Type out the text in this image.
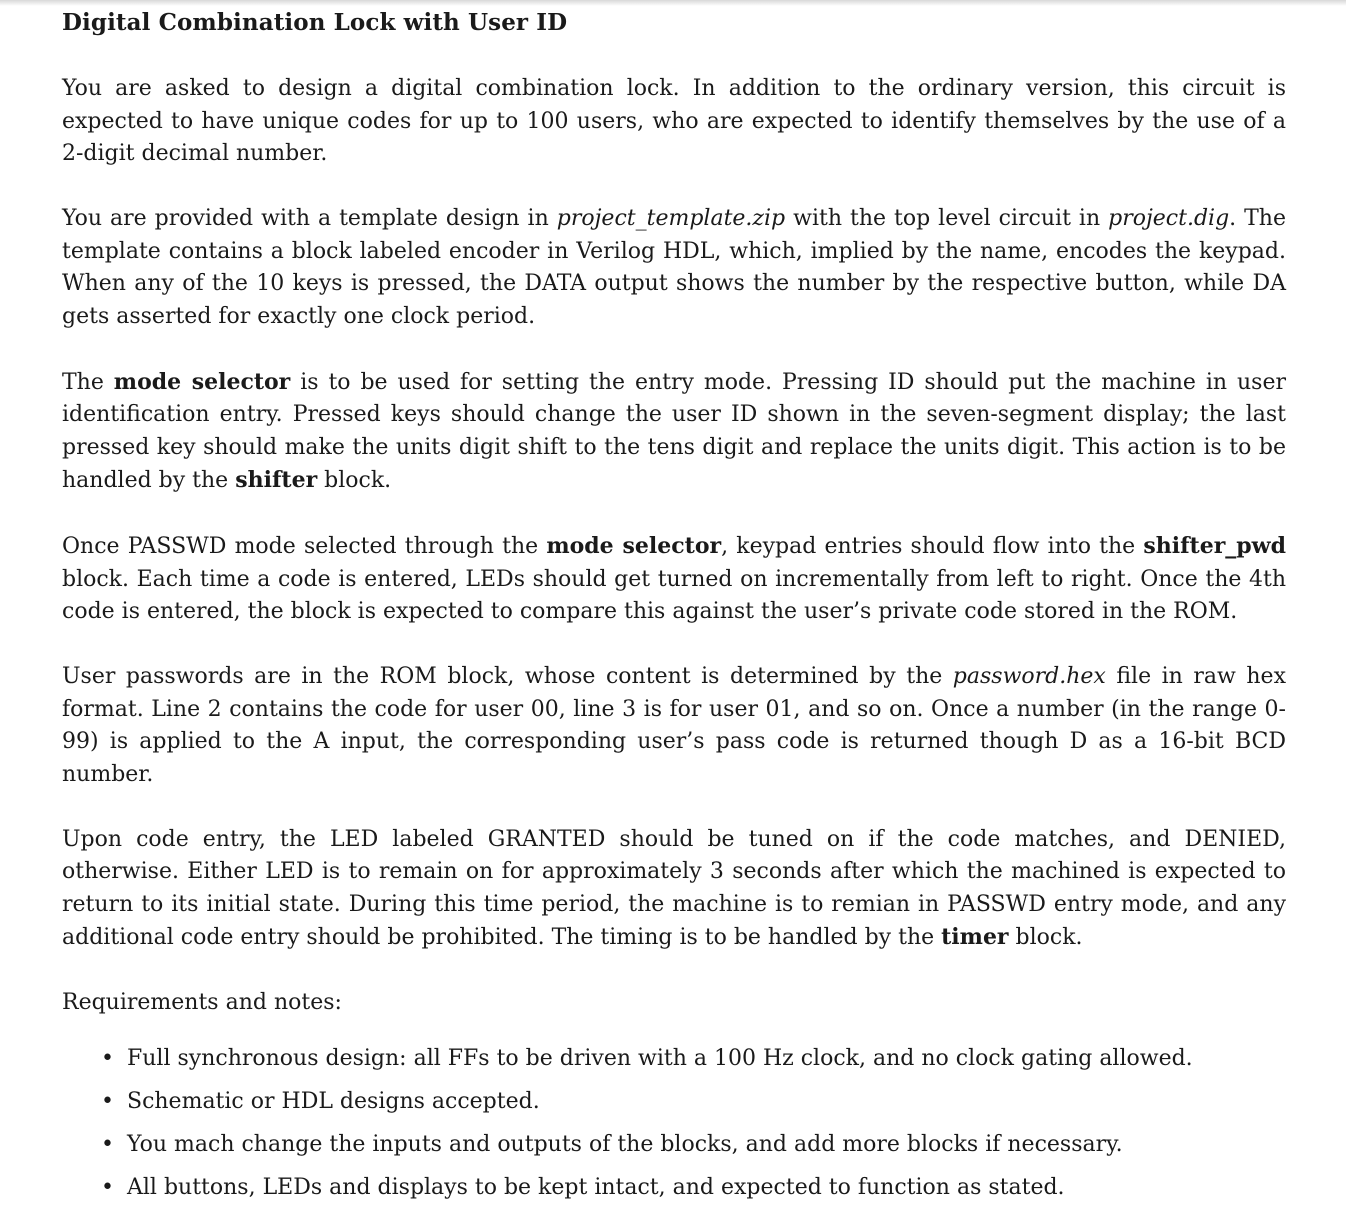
Digital Combination Lock with User ID

You are asked to design a digital combination lock. In addition to the ordinary version, this circuit is expected to have unique codes for up to 100 users, who are expected to identify themselves by the use of a 2-digit decimal number.

You are provided with a template design in project_template.zip with the top level circuit in project.dig. The template contains a block labeled encoder in Verilog HDL, which, implied by the name, encodes the keypad. When any of the 10 keys is pressed, the DATA output shows the number by the respective button, while DA gets asserted for exactly one clock period.

The mode selector is to be used for setting the entry mode. Pressing ID should put the machine in user identification entry. Pressed keys should change the user ID shown in the seven-segment display; the last pressed key should make the units digit shift to the tens digit and replace the units digit. This action is to be handled by the shifter block.

Once PASSWD mode selected through the mode selector, keypad entries should flow into the shifter_pwd block. Each time a code is entered, LEDs should get turned on incrementally from left to right. Once the 4th code is entered, the block is expected to compare this against the user’s private code stored in the ROM.

User passwords are in the ROM block, whose content is determined by the password.hex file in raw hex format. Line 2 contains the code for user 00, line 3 is for user 01, and so on. Once a number (in the range 0-99) is applied to the A input, the corresponding user’s pass code is returned though D as a 16-bit BCD number.

Upon code entry, the LED labeled GRANTED should be tuned on if the code matches, and DENIED, otherwise. Either LED is to remain on for approximately 3 seconds after which the machined is expected to return to its initial state. During this time period, the machine is to remian in PASSWD entry mode, and any additional code entry should be prohibited. The timing is to be handled by the timer block.

Requirements and notes:

• Full synchronous design: all FFs to be driven with a 100 Hz clock, and no clock gating allowed.
• Schematic or HDL designs accepted.
• You mach change the inputs and outputs of the blocks, and add more blocks if necessary.
• All buttons, LEDs and displays to be kept intact, and expected to function as stated.
